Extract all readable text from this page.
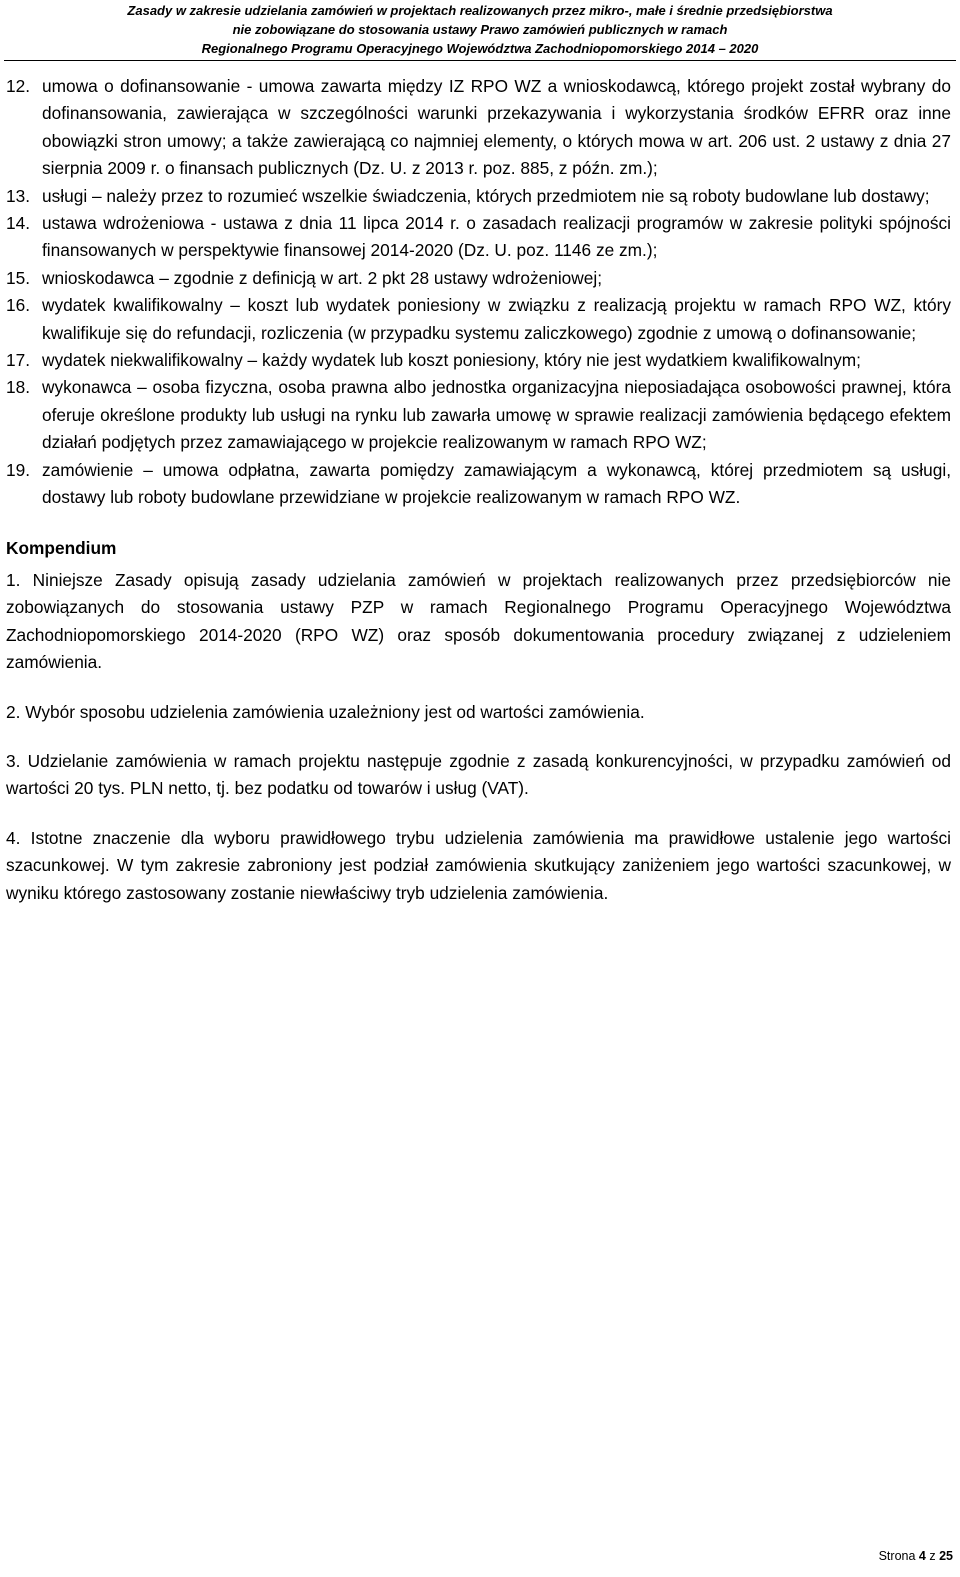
Zasady w zakresie udzielania zamówień w projektach realizowanych przez mikro-, małe i średnie przedsiębiorstwa
nie zobowiązane do stosowania ustawy Prawo zamówień publicznych w ramach
Regionalnego Programu Operacyjnego Województwa Zachodniopomorskiego 2014 – 2020
12. umowa o dofinansowanie - umowa zawarta między IZ RPO WZ a wnioskodawcą, którego projekt został wybrany do dofinansowania, zawierająca w szczególności warunki przekazywania i wykorzystania środków EFRR oraz inne obowiązki stron umowy; a także zawierającą co najmniej elementy, o których mowa w art. 206 ust. 2 ustawy z dnia 27 sierpnia 2009 r. o finansach publicznych (Dz. U. z 2013 r. poz. 885, z późn. zm.);
13. usługi – należy przez to rozumieć wszelkie świadczenia, których przedmiotem nie są roboty budowlane lub dostawy;
14. ustawa wdrożeniowa - ustawa z dnia 11 lipca 2014 r. o zasadach realizacji programów w zakresie polityki spójności finansowanych w perspektywie finansowej 2014-2020 (Dz. U. poz. 1146 ze zm.);
15. wnioskodawca – zgodnie z definicją w art. 2 pkt 28 ustawy wdrożeniowej;
16. wydatek kwalifikowalny – koszt lub wydatek poniesiony w związku z realizacją projektu w ramach RPO WZ, który kwalifikuje się do refundacji, rozliczenia (w przypadku systemu zaliczkowego) zgodnie z umową o dofinansowanie;
17. wydatek niekwalifikowalny – każdy wydatek lub koszt poniesiony, który nie jest wydatkiem kwalifikowalnym;
18. wykonawca – osoba fizyczna, osoba prawna albo jednostka organizacyjna nieposiadająca osobowości prawnej, która oferuje określone produkty lub usługi na rynku lub zawarła umowę w sprawie realizacji zamówienia będącego efektem działań podjętych przez zamawiającego w projekcie realizowanym w ramach RPO WZ;
19. zamówienie – umowa odpłatna, zawarta pomiędzy zamawiającym a wykonawcą, której przedmiotem są usługi, dostawy lub roboty budowlane przewidziane w projekcie realizowanym w ramach RPO WZ.
Kompendium
1. Niniejsze Zasady opisują zasady udzielania zamówień w projektach realizowanych przez przedsiębiorców nie zobowiązanych do stosowania ustawy PZP w ramach Regionalnego Programu Operacyjnego Województwa Zachodniopomorskiego 2014-2020 (RPO WZ) oraz sposób dokumentowania procedury związanej z udzieleniem zamówienia.
2. Wybór sposobu udzielenia zamówienia uzależniony jest od wartości zamówienia.
3. Udzielanie zamówienia w ramach projektu następuje zgodnie z zasadą konkurencyjności, w przypadku zamówień od wartości 20 tys. PLN netto, tj. bez podatku od towarów i usług (VAT).
4. Istotne znaczenie dla wyboru prawidłowego trybu udzielenia zamówienia ma prawidłowe ustalenie jego wartości szacunkowej. W tym zakresie zabroniony jest podział zamówienia skutkujący zaniżeniem jego wartości szacunkowej, w wyniku którego zastosowany zostanie niewłaściwy tryb udzielenia zamówienia.
Strona 4 z 25
